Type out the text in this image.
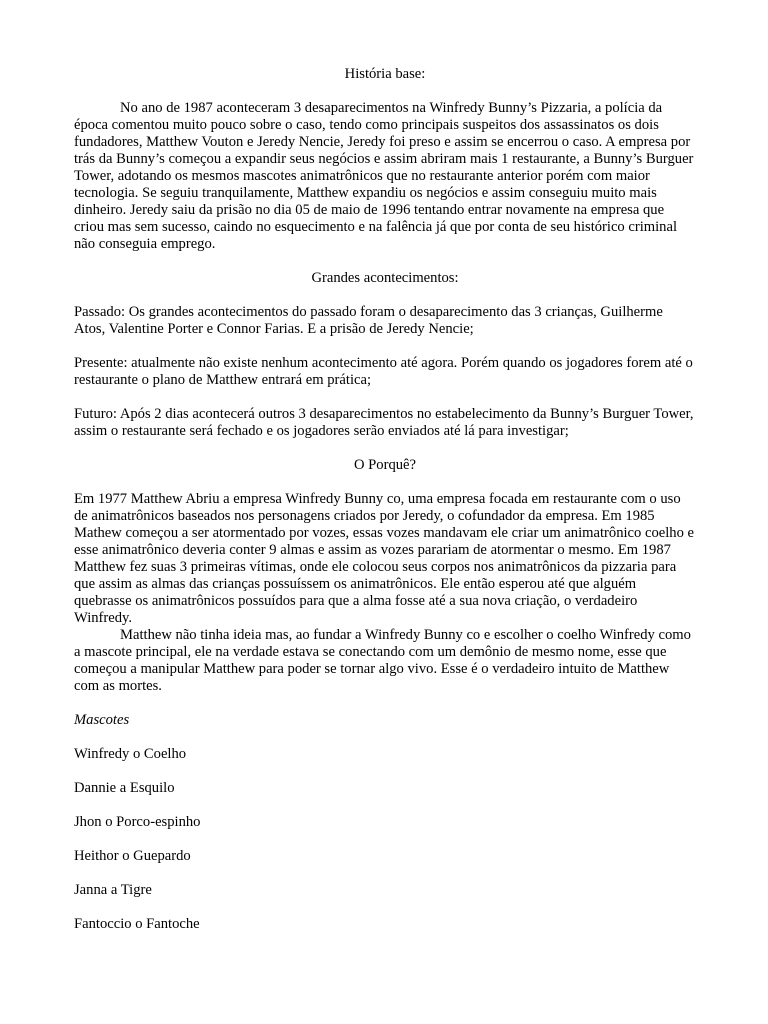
História base:

No ano de 1987 aconteceram 3 desaparecimentos na Winfredy Bunny’s Pizzaria, a polícia da época comentou muito pouco sobre o caso, tendo como principais suspeitos dos assassinatos os dois fundadores, Matthew Vouton e Jeredy Nencie, Jeredy foi preso e assim se encerrou o caso. A empresa por trás da Bunny’s começou a expandir seus negócios e assim abriram mais 1 restaurante, a Bunny’s Burguer Tower, adotando os mesmos mascotes animatrônicos que no restaurante anterior porém com maior tecnologia. Se seguiu tranquilamente, Matthew expandiu os negócios e assim conseguiu muito mais dinheiro. Jeredy saiu da prisão no dia 05 de maio de 1996 tentando entrar novamente na empresa que criou mas sem sucesso, caindo no esquecimento e na falência já que por conta de seu histórico criminal não conseguia emprego.

Grandes acontecimentos:

Passado: Os grandes acontecimentos do passado foram o desaparecimento das 3 crianças, Guilherme Atos, Valentine Porter e Connor Farias. E a prisão de Jeredy Nencie;

Presente: atualmente não existe nenhum acontecimento até agora. Porém quando os jogadores forem até o restaurante o plano de Matthew entrará em prática;

Futuro: Após 2 dias acontecerá outros 3 desaparecimentos no estabelecimento da Bunny’s Burguer Tower, assim o restaurante será fechado e os jogadores serão enviados até lá para investigar;

O Porquê?

Em 1977 Matthew Abriu a empresa Winfredy Bunny co, uma empresa focada em restaurante com o uso de animatrônicos baseados nos personagens criados por Jeredy, o cofundador da empresa. Em 1985 Mathew começou a ser atormentado por vozes, essas vozes mandavam ele criar um animatrônico coelho e esse animatrônico deveria conter 9 almas e assim as vozes parariam de atormentar o mesmo. Em 1987 Matthew fez suas 3 primeiras vítimas, onde ele colocou seus corpos nos animatrônicos da pizzaria para que assim as almas das crianças possuíssem os animatrônicos. Ele então esperou até que alguém quebrasse os animatrônicos possuídos para que a alma fosse até a sua nova criação, o verdadeiro Winfredy.

Matthew não tinha ideia mas, ao fundar a Winfredy Bunny co e escolher o coelho Winfredy como a mascote principal, ele na verdade estava se conectando com um demônio de mesmo nome, esse que começou a manipular Matthew para poder se tornar algo vivo. Esse é o verdadeiro intuito de Matthew com as mortes.

Mascotes

Winfredy o Coelho

Dannie a Esquilo

Jhon o Porco-espinho

Heithor o Guepardo

Janna a Tigre

Fantoccio o Fantoche
